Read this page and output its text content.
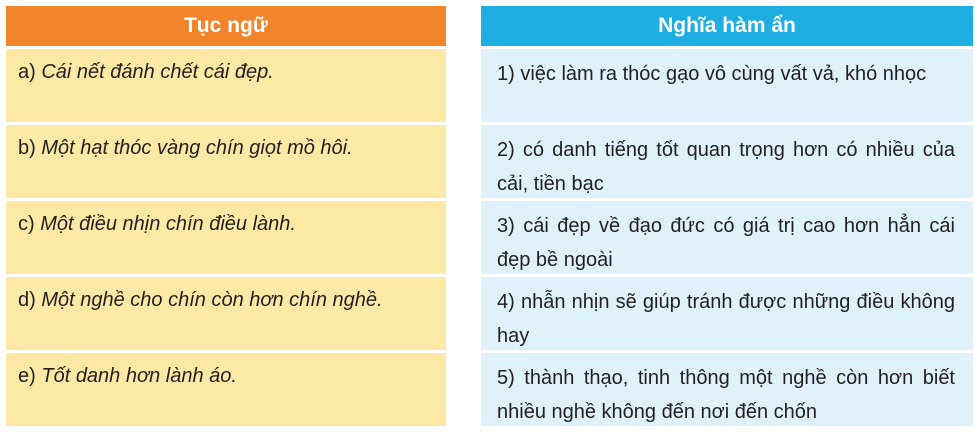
Tục ngữ
a) Cái nết đánh chết cái đẹp.
b) Một hạt thóc vàng chín giọt mồ hôi.
c) Một điều nhịn chín điều lành.
d) Một nghề cho chín còn hơn chín nghề.
e) Tốt danh hơn lành áo.
Nghĩa hàm ẩn
1) việc làm ra thóc gạo vô cùng vất vả, khó nhọc
2) có danh tiếng tốt quan trọng hơn có nhiều của cải, tiền bạc
3) cái đẹp về đạo đức có giá trị cao hơn hẳn cái đẹp bề ngoài
4) nhẫn nhịn sẽ giúp tránh được những điều không hay
5) thành thạo, tinh thông một nghề còn hơn biết nhiều nghề không đến nơi đến chốn
